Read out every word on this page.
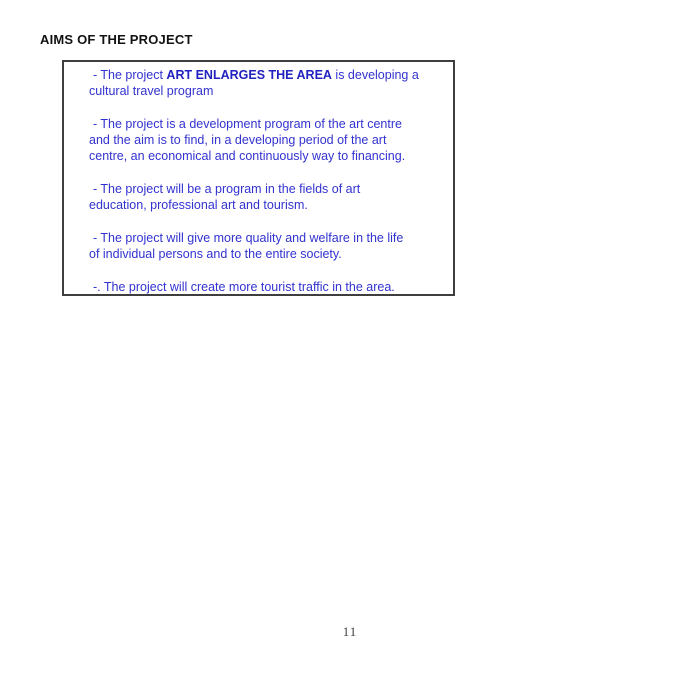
AIMS OF THE PROJECT
- The project ART ENLARGES THE AREA is developing a
cultural travel program
- The project is a development program of the art centre
and the aim is to find, in a developing period of the art
centre, an economical and continuously way to financing.
- The project will be a program in the fields of art
education, professional art and tourism.
- The project will give more quality and welfare in the life
of individual persons and to the entire society.
-. The project will create more tourist traffic in the area.
11
